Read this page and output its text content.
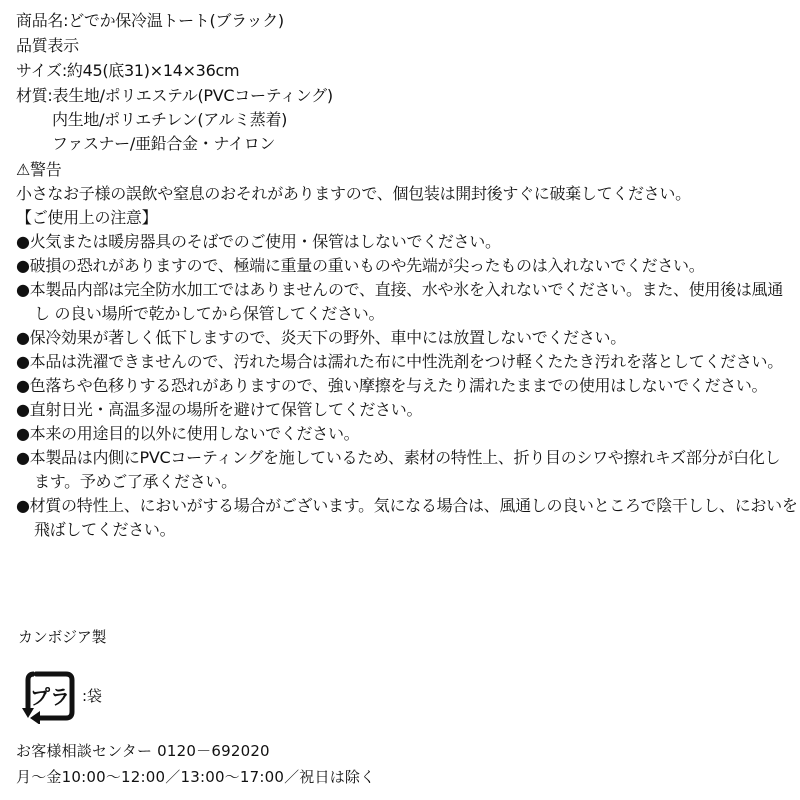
商品名:どでか保冷温トート(ブラック)
品質表示
サイズ:約45(底31)×14×36cm
材質:表生地/ポリエステル(PVCコーティング)
内生地/ポリエチレン(アルミ蒸着)
ファスナー/亜鉛合金・ナイロン
⚠警告
小さなお子様の誤飲や窒息のおそれがありますので、個包装は開封後すぐに破棄してください。
【ご使用上の注意】
●火気または暖房器具のそばでのご使用・保管はしないでください。
●破損の恐れがありますので、極端に重量の重いものや先端が尖ったものは入れないでください。
●本製品内部は完全防水加工ではありませんので、直接、水や氷を入れないでください。また、使用後は風通
し の良い場所で乾かしてから保管してください。
●保冷効果が著しく低下しますので、炎天下の野外、車中には放置しないでください。
●本品は洗濯できませんので、汚れた場合は濡れた布に中性洗剤をつけ軽くたたき汚れを落としてください。
●色落ちや色移りする恐れがありますので、強い摩擦を与えたり濡れたままでの使用はしないでください。
●直射日光・高温多湿の場所を避けて保管してください。
●本来の用途目的以外に使用しないでください。
●本製品は内側にPVCコーティングを施しているため、素材の特性上、折り目のシワや擦れキズ部分が白化し
ます。予めご了承ください。
●材質の特性上、においがする場合がございます。気になる場合は、風通しの良いところで陰干しし、においを
飛ばしてください。
カンボジア製
プラ :袋
お客様相談センター 0120－692020
月～金10:00～12:00／13:00～17:00／祝日は除く
